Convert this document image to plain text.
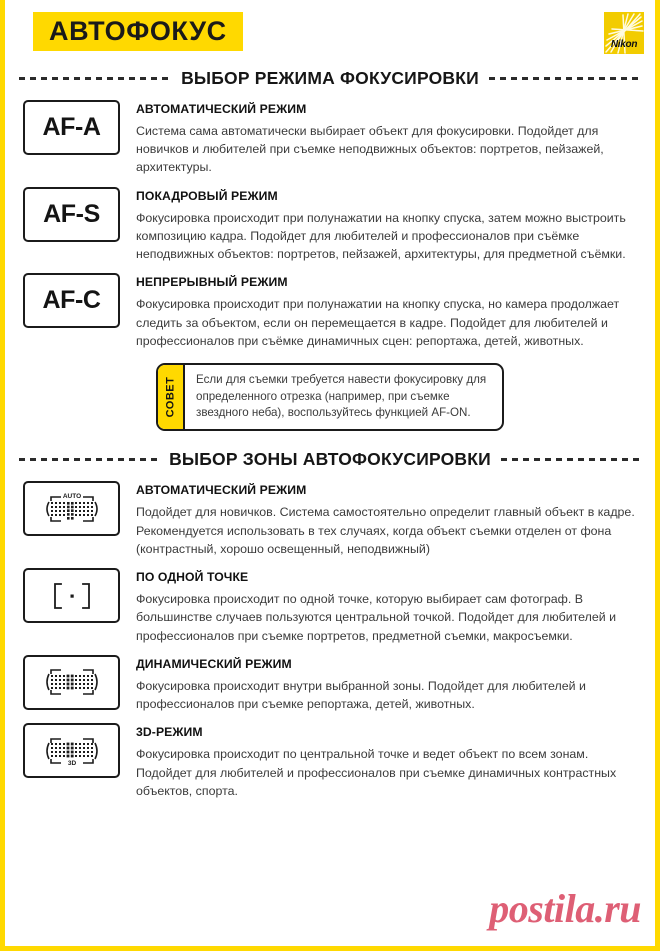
АВТОФОКУС	Nikon
ВЫБОР РЕЖИМА ФОКУСИРОВКИ
AF-A
АВТОМАТИЧЕСКИЙ РЕЖИМ
Система сама автоматически выбирает объект для фокусировки. Подойдет для новичков и любителей при съемке неподвижных объектов: портретов, пейзажей, архитектуры.
AF-S
ПОКАДРОВЫЙ РЕЖИМ
Фокусировка происходит при полунажатии на кнопку спуска, затем можно выстроить композицию кадра. Подойдет для любителей и профессионалов при съёмке неподвижных объектов: портретов, пейзажей, архитектуры, для предметной съёмки.
AF-C
НЕПРЕРЫВНЫЙ РЕЖИМ
Фокусировка происходит при полунажатии на кнопку спуска, но камера продолжает следить за объектом, если он перемещается в кадре. Подойдет для любителей и профессионалов при съёмке динамичных сцен: репортажа, детей, животных.
СОВЕТ	Если для съемки требуется навести фокусировку для определенного отрезка (например, при съемке звездного неба), воспользуйтесь функцией AF-ON.
ВЫБОР ЗОНЫ АВТОФОКУСИРОВКИ
AUTO	АВТОМАТИЧЕСКИЙ РЕЖИМ
Подойдет для новичков. Система самостоятельно определит главный объект в кадре. Рекомендуется использовать в тех случаях, когда объект съемки отделен от фона (контрастный, хорошо освещенный, неподвижный)
ПО ОДНОЙ ТОЧКЕ
Фокусировка происходит по одной точке, которую выбирает сам фотограф. В большинстве случаев пользуются центральной точкой. Подойдет для любителей и профессионалов при съемке портретов, предметной съемки, макросъемки.
ДИНАМИЧЕСКИЙ РЕЖИМ
Фокусировка происходит внутри выбранной зоны. Подойдет для любителей и профессионалов при съемке репортажа, детей, животных.
3D
3D-РЕЖИМ
Фокусировка происходит по центральной точке и ведет объект по всем зонам. Подойдет для любителей и профессионалов при съемке динамичных контрастных объектов, спорта.
postila.ru
